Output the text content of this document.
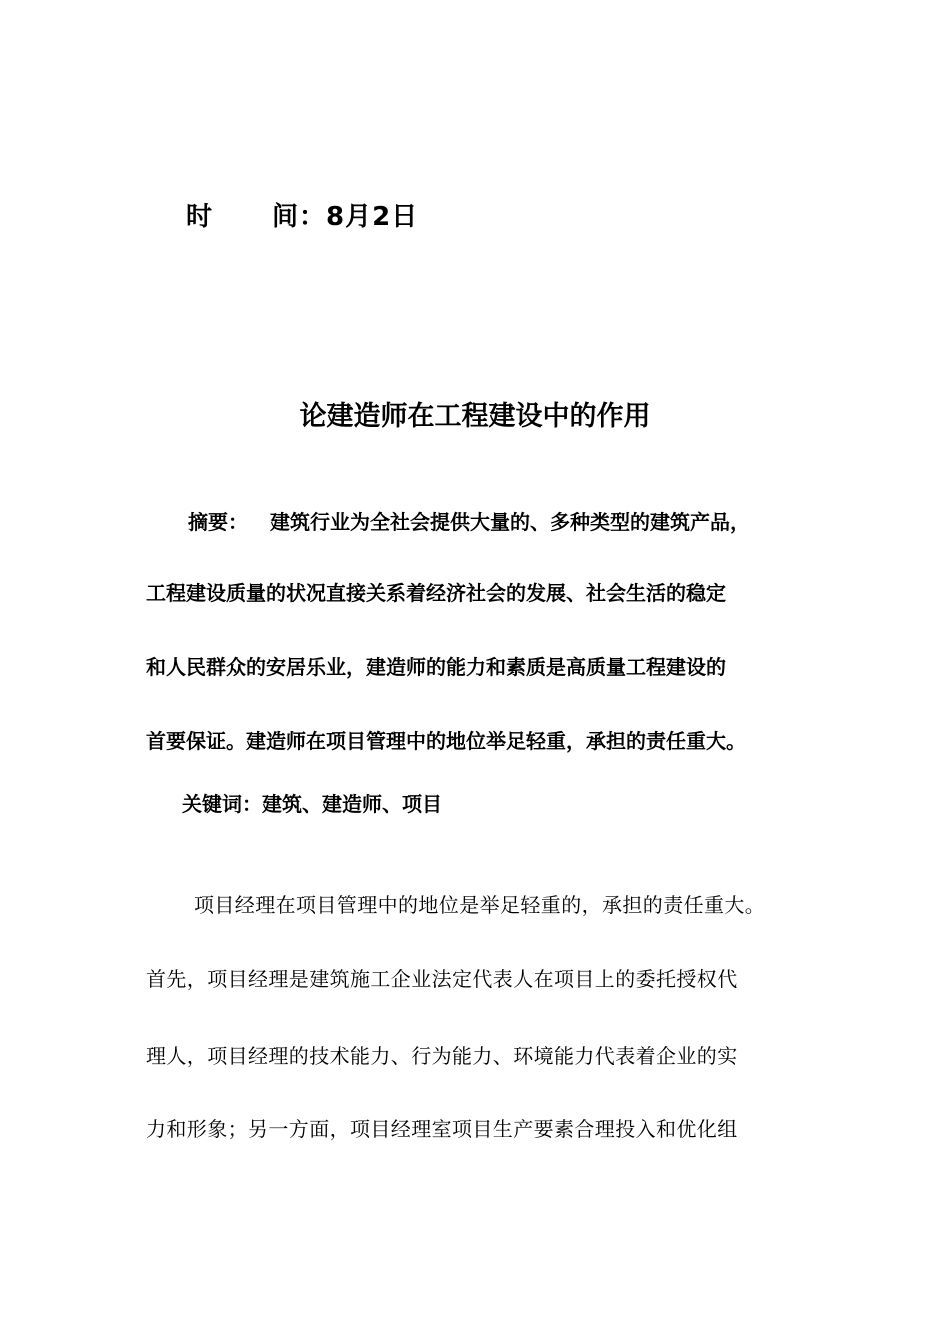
时 间：8月2日
论建造师在工程建设中的作用
摘要： 建筑行业为全社会提供大量的、多种类型的建筑产品，
工程建设质量的状况直接关系着经济社会的发展、社会生活的稳定
和人民群众的安居乐业，建造师的能力和素质是高质量工程建设的
首要保证。建造师在项目管理中的地位举足轻重，承担的责任重大。
关键词：建筑、建造师、项目
项目经理在项目管理中的地位是举足轻重的，承担的责任重大。
首先，项目经理是建筑施工企业法定代表人在项目上的委托授权代
理人，项目经理的技术能力、行为能力、环境能力代表着企业的实
力和形象；另一方面，项目经理室项目生产要素合理投入和优化组
